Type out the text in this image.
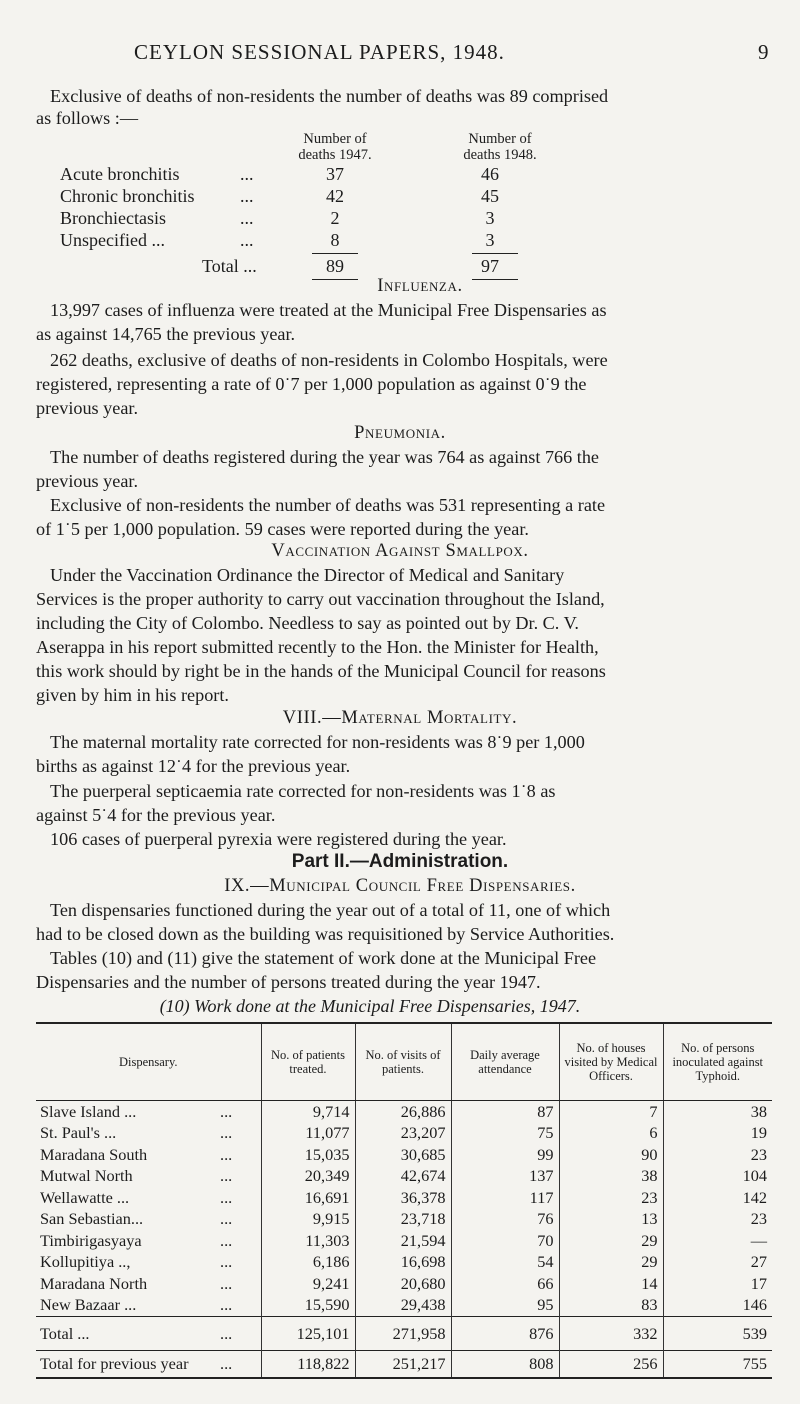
CEYLON SESSIONAL PAPERS, 1948.	9

Exclusive of deaths of non-residents the number of deaths was 89 comprised

as follows :—

Number of
deaths 1947.
Number of
deaths 1948.
Acute bronchitis	...	37	46
Chronic bronchitis	...	42	45
Bronchiectasis	...	2	3
Unspecified ...	...	8	3
Total ...	89	97
Influenza.

13,997 cases of influenza were treated at the Municipal Free Dispensaries as

as against 14,765 the previous year.

262 deaths, exclusive of deaths of non-residents in Colombo Hospitals, were

registered, representing a rate of 0˙7 per 1,000 population as against 0˙9 the

previous year.

Pneumonia.

The number of deaths registered during the year was 764 as against 766 the

previous year.

Exclusive of non-residents the number of deaths was 531 representing a rate

of 1˙5 per 1,000 population. 59 cases were reported during the year.

Vaccination Against Smallpox.

Under the Vaccination Ordinance the Director of Medical and Sanitary

Services is the proper authority to carry out vaccination throughout the Island,

including the City of Colombo. Needless to say as pointed out by Dr. C. V.

Aserappa in his report submitted recently to the Hon. the Minister for Health,

this work should by right be in the hands of the Municipal Council for reasons

given by him in his report.

VIII.—Maternal Mortality.

The maternal mortality rate corrected for non-residents was 8˙9 per 1,000

births as against 12˙4 for the previous year.

The puerperal septicaemia rate corrected for non-residents was 1˙8 as

against 5˙4 for the previous year.

106 cases of puerperal pyrexia were registered during the year.

Part II.—Administration.
IX.—Municipal Council Free Dispensaries.

Ten dispensaries functioned during the year out of a total of 11, one of which

had to be closed down as the building was requisitioned by Service Authorities.

Tables (10) and (11) give the statement of work done at the Municipal Free

Dispensaries and the number of persons treated during the year 1947.

(10) Work done at the Municipal Free Dispensaries, 1947.
Dispensary.	No. of patients treated.	No. of visits of patients.	Daily average attendance	No. of houses visited by Medical Officers.	No. of persons inoculated against Typhoid.
Slave Island ... ...	9,714	26,886	87	7	38
St. Paul's ... ...	11,077	23,207	75	6	19
Maradana South ...	15,035	30,685	99	90	23
Mutwal North ...	20,349	42,674	137	38	104
Wellawatte ... ...	16,691	36,378	117	23	142
San Sebastian... ...	9,915	23,718	76	13	23
Timbirigasyaya ...	11,303	21,594	70	29	—
Kollupitiya .., ...	6,186	16,698	54	29	27
Maradana North ...	9,241	20,680	66	14	17
New Bazaar ... ...	15,590	29,438	95	83	146
Total ... ...	125,101	271,958	876	332	539
Total for previous year ...	118,822	251,217	808	256	755
